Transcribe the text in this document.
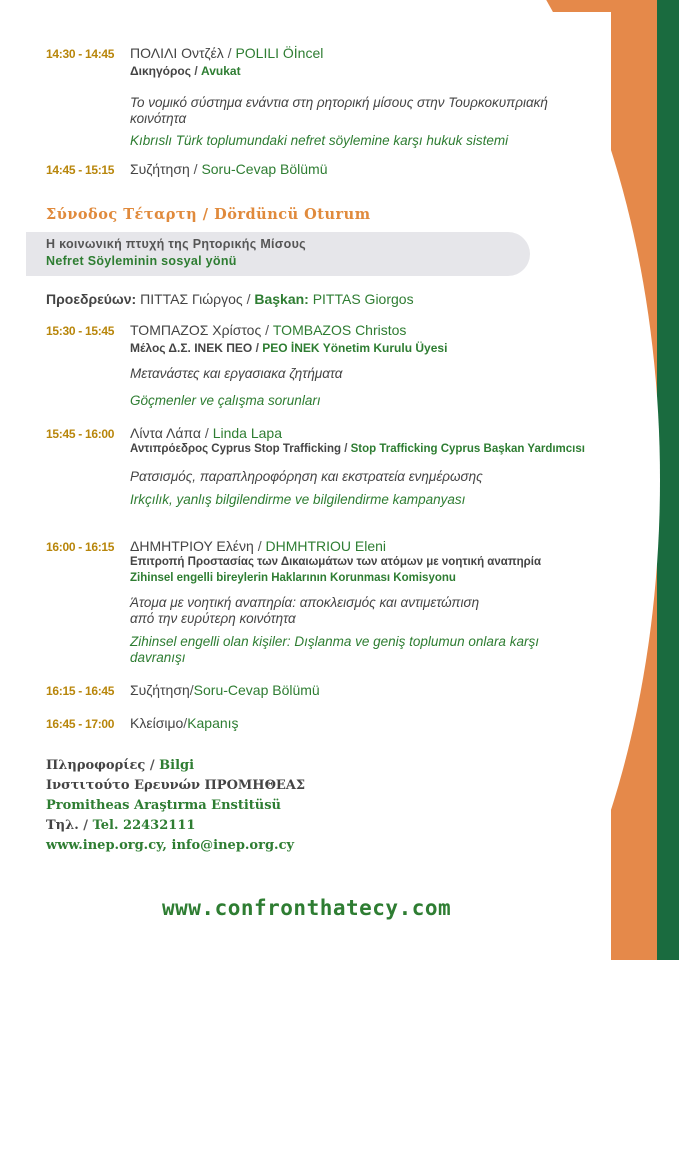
14:30 - 14:45 ΠΟΛΙΛΙ Οντζέλ / POLILI Öİncel
Δικηγόρος / Avukat
Το νομικό σύστημα ενάντια στη ρητορική μίσους στην Τουρκοκυπριακή
κοινότητα
Kıbrıslı Türk toplumundaki nefret söylemine karşı hukuk sistemi
14:45 - 15:15 Συζήτηση / Soru-Cevap Bölümü
Σύνοδος Τέταρτη / Dördüncü Oturum
Η κοινωνική πτυχή της Ρητορικής Μίσους
Nefret Söyleminin sosyal yönü
Προεδρεύων: ΠΙΤΤΑΣ Γιώργος / Başkan: PITTAS Giorgos
15:30 - 15:45 ΤΟΜΠΑΖΟΣ Χρίστος / TOMBAZOS Christos
Μέλος Δ.Σ. ΙΝΕΚ ΠΕΟ / PEO İNEK Yönetim Kurulu Üyesi
Μετανάστες και εργασιακα ζητήματα
Göçmenler ve çalışma sorunları
15:45 - 16:00 Λίντα Λάπα / Linda Lapa
Αντιπρόεδρος Cyprus Stop Trafficking / Stop Trafficking Cyprus Başkan Yardımcısı
Ρατσισμός, παραπληροφόρηση και εκστρατεία ενημέρωσης
Irkçılık, yanlış bilgilendirme ve bilgilendirme kampanyası
16:00 - 16:15 ΔΗΜΗΤΡΙΟΥ Ελένη / DHMHTRIOU Eleni
Επιτροπή Προστασίας των Δικαιωμάτων των ατόμων με νοητική αναπηρία
Zihinsel engelli bireylerin Haklarının Korunması Komisyonu
Άτομα με νοητική αναπηρία: αποκλεισμός και αντιμετώπιση
από την ευρύτερη κοινότητα
Zihinsel engelli olan kişiler: Dışlanma ve geniş toplumun onlara karşı
davranışı
16:15 - 16:45 Συζήτηση/Soru-Cevap Bölümü
16:45 - 17:00 Κλείσιμο/Kapanış
Πληροφορίες / Bilgi
Ινστιτούτο Ερευνών ΠΡΟΜΗΘΕΑΣ
Promitheas Araştırma Enstitüsü
Τηλ. / Tel. 22432111
www.inep.org.cy, info@inep.org.cy
www.confronthatecy.com
